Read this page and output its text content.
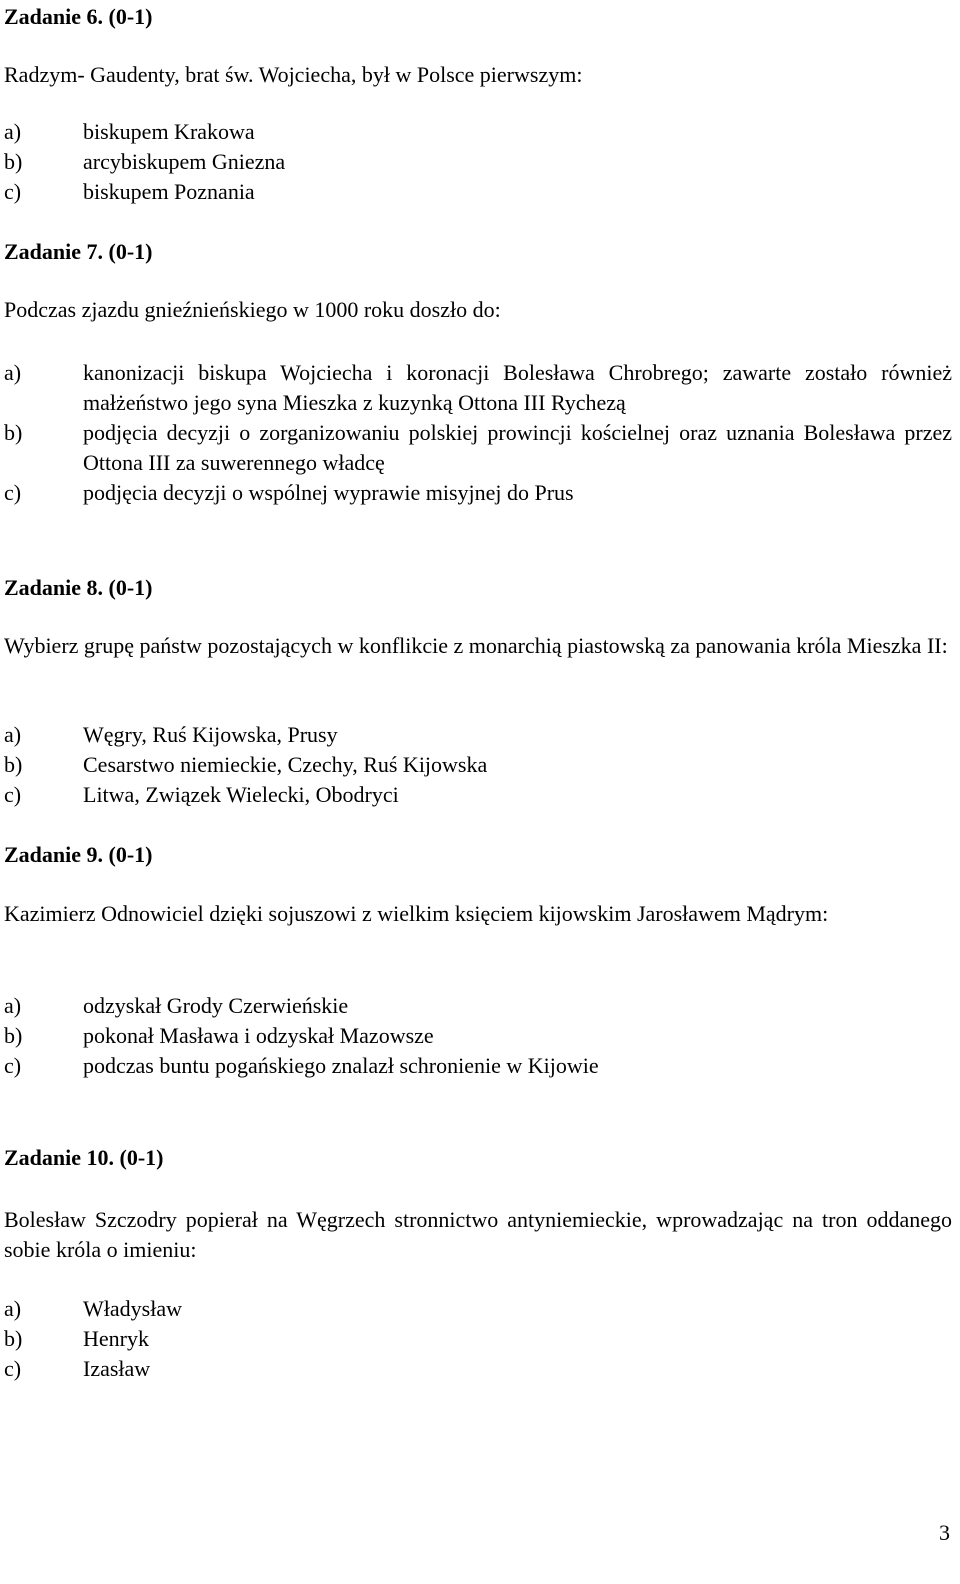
Zadanie 6. (0-1)

Radzym- Gaudenty, brat św. Wojciecha, był w Polsce pierwszym:

a)	biskupem Krakowa
b)	arcybiskupem Gniezna
c)	biskupem Poznania
Zadanie 7. (0-1)

Podczas zjazdu gnieźnieńskiego w 1000 roku doszło do:

a)	kanonizacji biskupa Wojciecha i koronacji Bolesława Chrobrego; zawarte zostało również małżeństwo jego syna Mieszka z kuzynką Ottona III Rychezą
b)	podjęcia decyzji o zorganizowaniu polskiej prowincji kościelnej oraz uznania Bolesława przez Ottona III za suwerennego władcę
c)	podjęcia decyzji o wspólnej wyprawie misyjnej do Prus
Zadanie 8. (0-1)

Wybierz grupę państw pozostających w konflikcie z monarchią piastowską za panowania króla Mieszka II:

a)	Węgry, Ruś Kijowska, Prusy
b)	Cesarstwo niemieckie, Czechy, Ruś Kijowska
c)	Litwa, Związek Wielecki, Obodryci
Zadanie 9. (0-1)

Kazimierz Odnowiciel dzięki sojuszowi z wielkim księciem kijowskim Jarosławem Mądrym:

a)	odzyskał Grody Czerwieńskie
b)	pokonał Masława i odzyskał Mazowsze
c)	podczas buntu pogańskiego znalazł schronienie w Kijowie
Zadanie 10. (0-1)

Bolesław Szczodry popierał na Węgrzech stronnictwo antyniemieckie, wprowadzając na tron oddanego sobie króla o imieniu:

a)	Władysław
b)	Henryk
c)	Izasław
3
